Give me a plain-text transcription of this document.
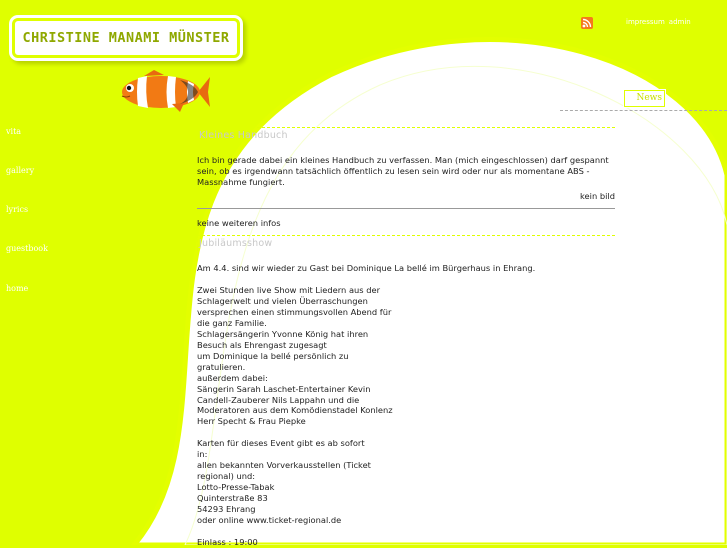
CHRISTINE MANAMI MÜNSTER
impressum admin
News
vita
gallery
lyrics
guestbook
home
Kleines Handbuch

Ich bin gerade dabei ein kleines Handbuch zu verfassen. Man (mich eingeschlossen) darf gespannt sein, ob es irgendwann tatsächlich öffentlich zu lesen sein wird oder nur als momentane ABS - Massnahme fungiert.

kein bild
keine weiteren infos
Jubiläumsshow

Am 4.4. sind wir wieder zu Gast bei Dominique La bellé im Bürgerhaus in Ehrang.

Zwei Stunden live Show mit Liedern aus der
Schlagerwelt und vielen Überraschungen
versprechen einen stimmungsvollen Abend für
die ganz Familie.
Schlagersängerin Yvonne König hat ihren
Besuch als Ehrengast zugesagt
um Dominique la bellé persönlich zu
gratulieren.
außerdem dabei:
Sängerin Sarah Laschet-Entertainer Kevin
Candell-Zauberer Nils Lappahn und die
Moderatoren aus dem Komödienstadel Konlenz
Herr Specht & Frau Piepke

Karten für dieses Event gibt es ab sofort
in:
allen bekannten Vorverkausstellen (Ticket
regional) und:
Lotto-Presse-Tabak
Quinterstraße 83
54293 Ehrang
oder online www.ticket-regional.de

Einlass : 19:00
